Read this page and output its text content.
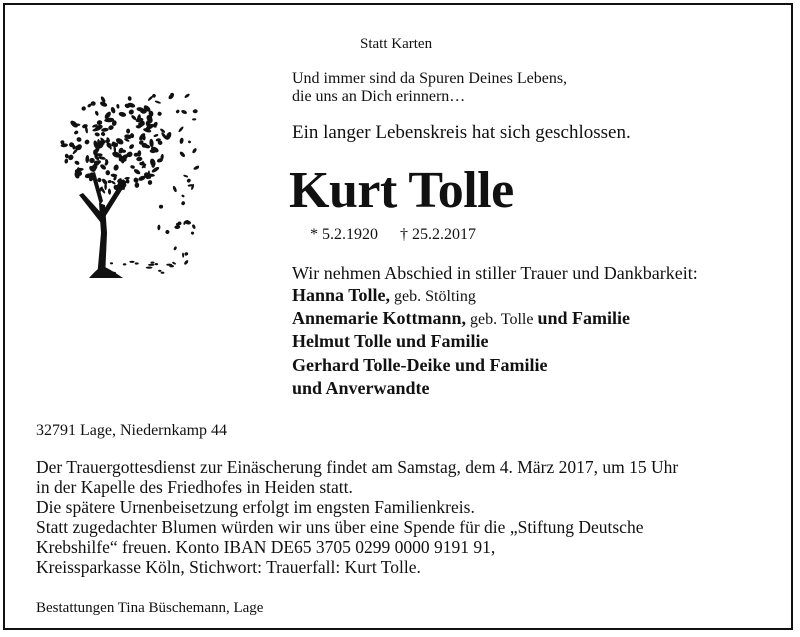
Statt Karten
Und immer sind da Spuren Deines Lebens,
die uns an Dich erinnern…
Ein langer Lebenskreis hat sich geschlossen.
Kurt Tolle
* 5.2.1920 † 25.2.2017
Wir nehmen Abschied in stiller Trauer und Dankbarkeit:
Hanna Tolle, geb. Stölting
Annemarie Kottmann, geb. Tolle und Familie
Helmut Tolle und Familie
Gerhard Tolle-Deike und Familie
und Anverwandte
32791 Lage, Niedernkamp 44
Der Trauergottesdienst zur Einäscherung findet am Samstag, dem 4. März 2017, um 15 Uhr
in der Kapelle des Friedhofes in Heiden statt.
Die spätere Urnenbeisetzung erfolgt im engsten Familienkreis.
Statt zugedachter Blumen würden wir uns über eine Spende für die „Stiftung Deutsche
Krebshilfe“ freuen. Konto IBAN DE65 3705 0299 0000 9191 91,
Kreissparkasse Köln, Stichwort: Trauerfall: Kurt Tolle.
Bestattungen Tina Büschemann, Lage
